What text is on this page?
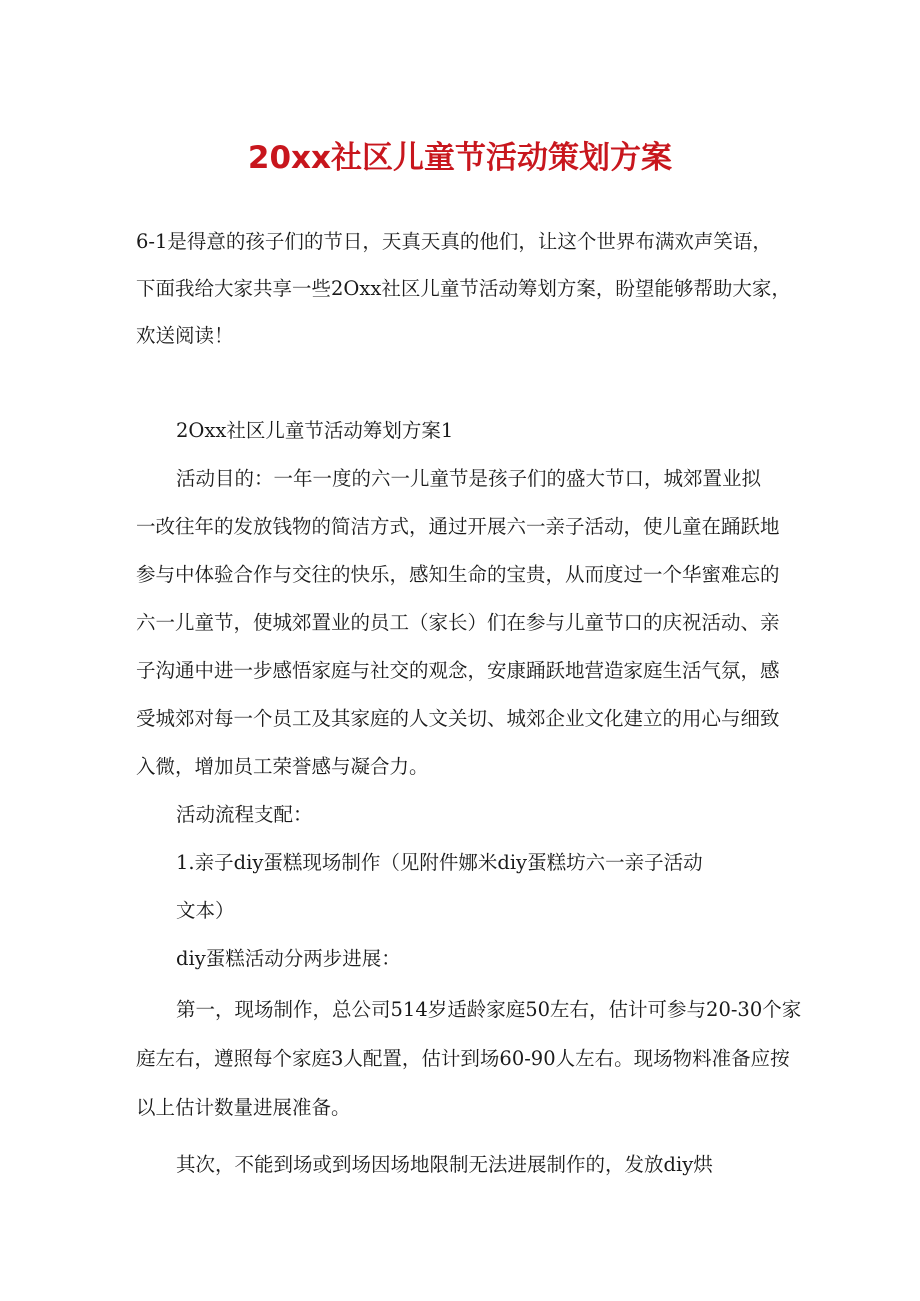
20xx社区儿童节活动策划方案

6-1是得意的孩子们的节日，天真天真的他们，让这个世界布满欢声笑语，
下面我给大家共享一些2Oxx社区儿童节活动筹划方案，盼望能够帮助大家，
欢送阅读！

2Oxx社区儿童节活动筹划方案1

活动目的：一年一度的六一儿童节是孩子们的盛大节口，城郊置业拟
一改往年的发放钱物的简洁方式，通过开展六一亲子活动，使儿童在踊跃地
参与中体验合作与交往的快乐，感知生命的宝贵，从而度过一个华蜜难忘的
六一儿童节，使城郊置业的员工（家长）们在参与儿童节口的庆祝活动、亲
子沟通中进一步感悟家庭与社交的观念，安康踊跃地营造家庭生活气氛，感
受城郊对每一个员工及其家庭的人文关切、城郊企业文化建立的用心与细致
入微，增加员工荣誉感与凝合力。

活动流程支配：

1.亲子diy蛋糕现场制作（见附件娜米diy蛋糕坊六一亲子活动
文本）

diy蛋糕活动分两步进展：

第一，现场制作，总公司514岁适龄家庭50左右，估计可参与20-30个家
庭左右，遵照每个家庭3人配置，估计到场60-90人左右。现场物料准备应按
以上估计数量进展准备。

其次，不能到场或到场因场地限制无法进展制作的，发放diy烘
